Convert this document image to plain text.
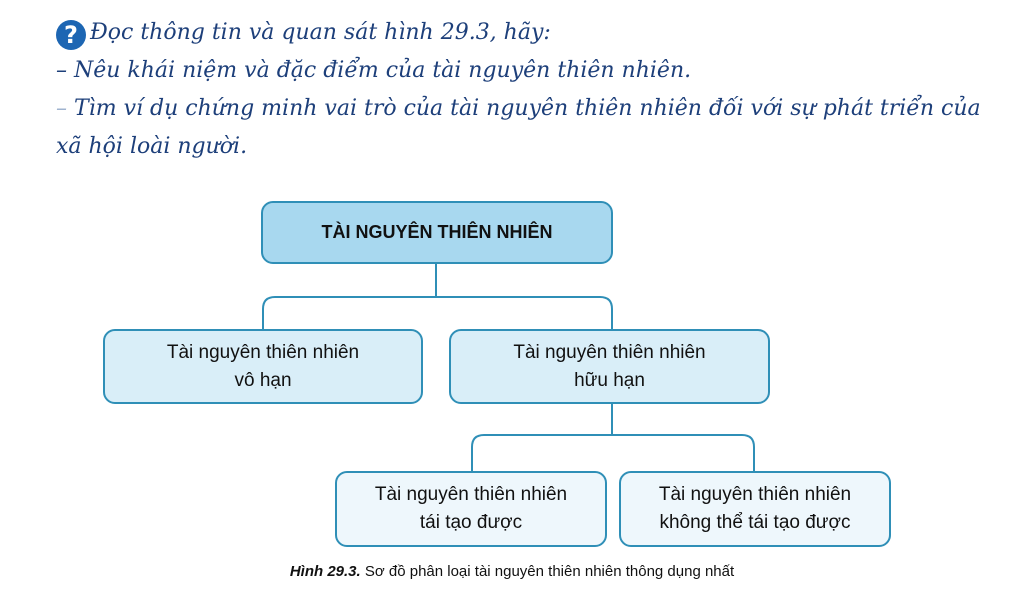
? Đọc thông tin và quan sát hình 29.3, hãy:
– Nêu khái niệm và đặc điểm của tài nguyên thiên nhiên.
– Tìm ví dụ chứng minh vai trò của tài nguyên thiên nhiên đối với sự phát triển của
xã hội loài người.
TÀI NGUYÊN THIÊN NHIÊN
Tài nguyên thiên nhiên
vô hạn
Tài nguyên thiên nhiên
hữu hạn
Tài nguyên thiên nhiên
tái tạo được
Tài nguyên thiên nhiên
không thể tái tạo được
Hình 29.3. Sơ đồ phân loại tài nguyên thiên nhiên thông dụng nhất
